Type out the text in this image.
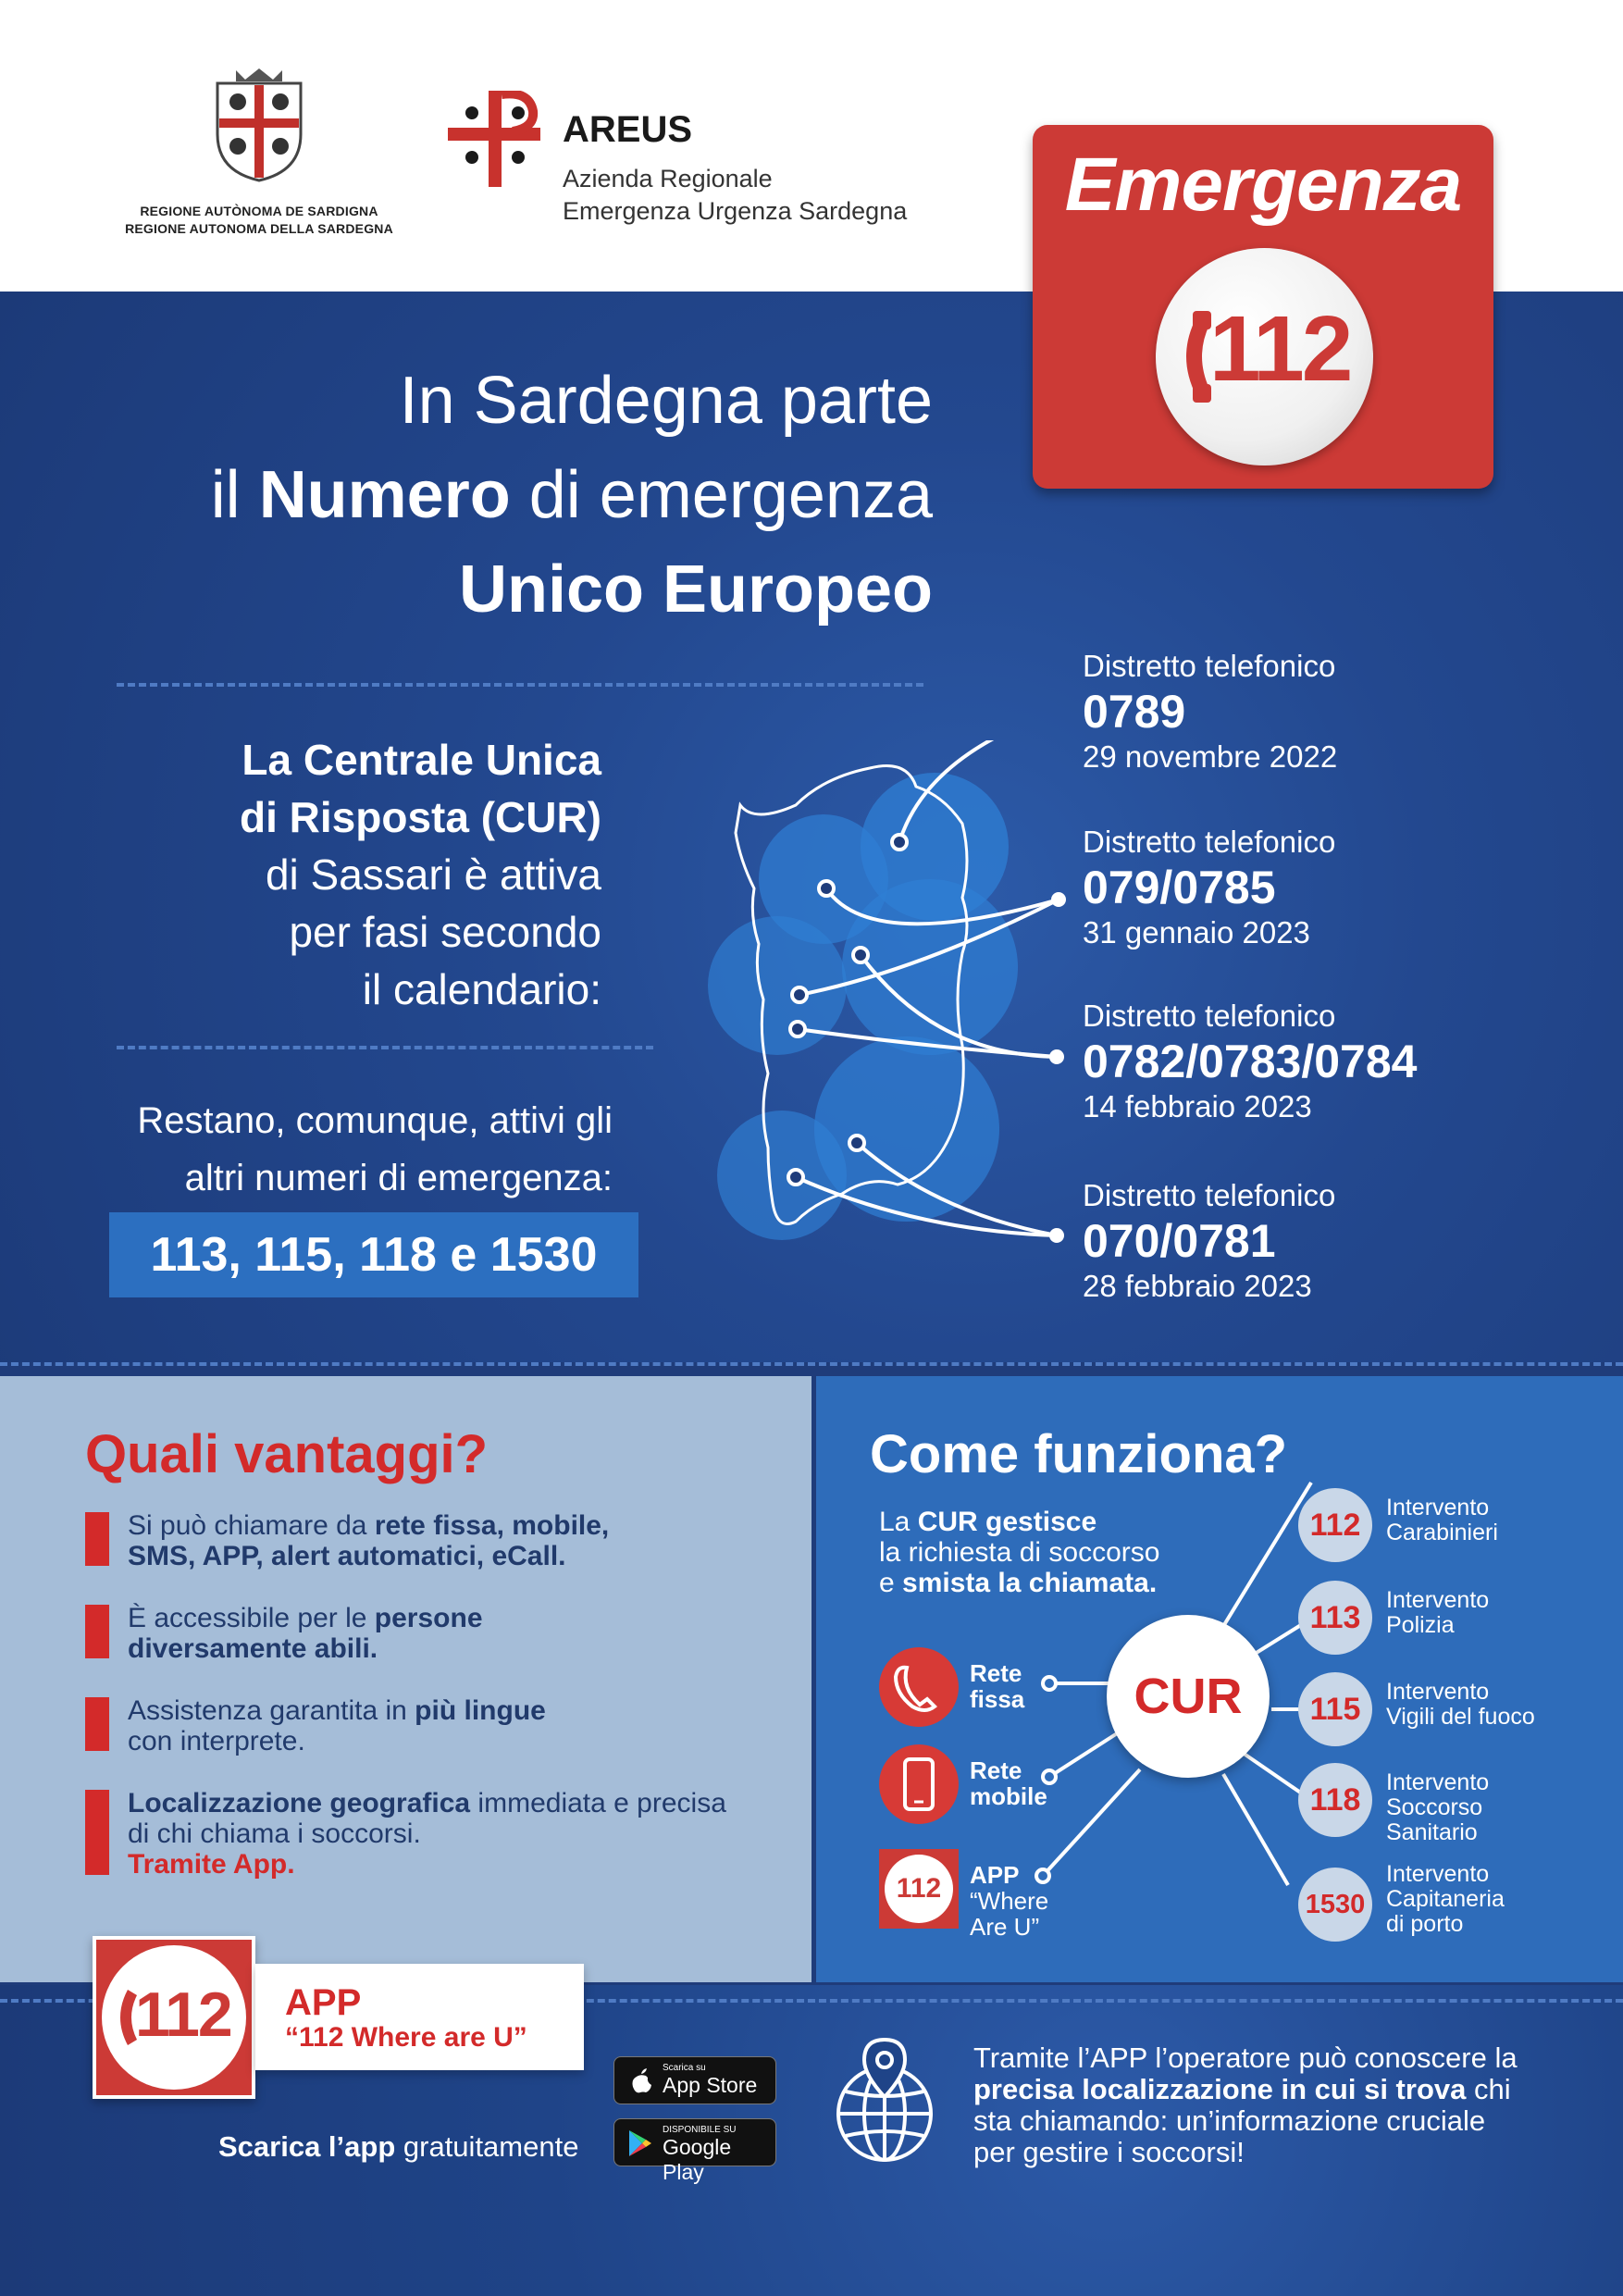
REGIONE AUTÒNOMA DE SARDIGNA
REGIONE AUTONOMA DELLA SARDEGNA
AREUS
Azienda Regionale
Emergenza Urgenza Sardegna	Emergenza
112
In Sardegna parte
il Numero di emergenza
Unico Europeo
La Centrale Unica
di Risposta (CUR)
di Sassari è attiva
per fasi secondo
il calendario:
Restano, comunque, attivi gli
altri numeri di emergenza:
113, 115, 118 e 1530
Distretto telefonico
0789
29 novembre 2022
Distretto telefonico
079/0785
31 gennaio 2023
Distretto telefonico
0782/0783/0784
14 febbraio 2023
Distretto telefonico
070/0781
28 febbraio 2023
Quali vantaggi?
Si può chiamare da rete fissa, mobile,
SMS, APP, alert automatici, eCall.
È accessibile per le persone
diversamente abili.
Assistenza garantita in più lingue
con interprete.
Localizzazione geografica immediata e precisa
di chi chiama i soccorsi.
Tramite App.
Come funziona?
La CUR gestisce
la richiesta di soccorso
e smista la chiamata.
CUR
Rete
fissa
Rete
mobile
112	APP
“Where Are U”
112	Intervento
Carabinieri
113	Intervento
Polizia
115	Intervento
Vigili del fuoco
118	Intervento
Soccorso
Sanitario
1530
Intervento
Capitaneria
di porto
112 APP
“112 Where are U”
Scarica l’app gratuitamente
Scarica su
App Store
DISPONIBILE SU
Google Play
Tramite l’APP l’operatore può conoscere la
precisa localizzazione in cui si trova chi
sta chiamando: un’informazione cruciale
per gestire i soccorsi!
